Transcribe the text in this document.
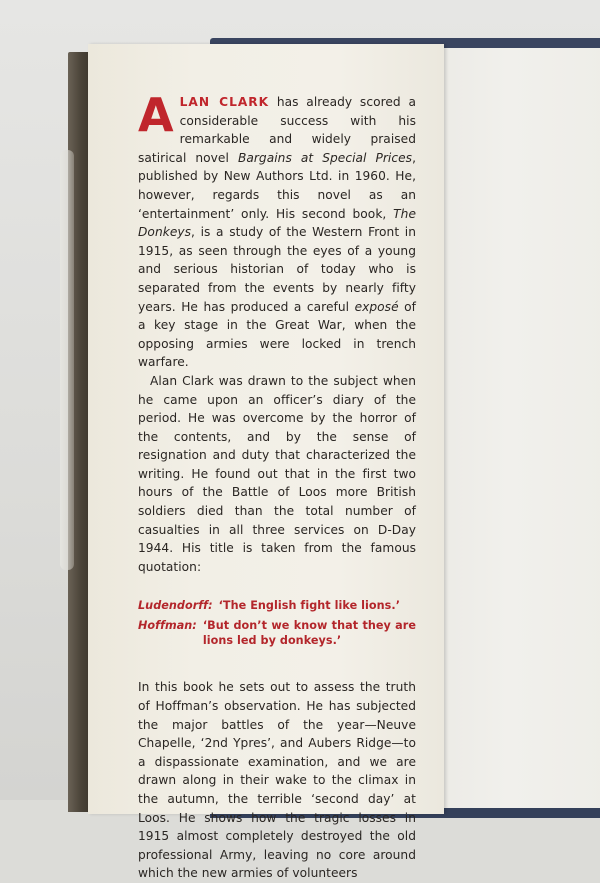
ALAN CLARK has already scored a considerable success with his remarkable and widely praised satirical novel Bargains at Special Prices, published by New Authors Ltd. in 1960. He, however, regards this novel as an ‘entertainment’ only. His second book, The Donkeys, is a study of the Western Front in 1915, as seen through the eyes of a young and serious historian of today who is separated from the events by nearly fifty years. He has produced a careful exposé of a key stage in the Great War, when the opposing armies were locked in trench warfare.

Alan Clark was drawn to the subject when he came upon an officer’s diary of the period. He was overcome by the horror of the contents, and by the sense of resignation and duty that characterized the writing. He found out that in the first two hours of the Battle of Loos more British soldiers died than the total number of casualties in all three services on D-Day 1944. His title is taken from the famous quotation:

Ludendorff: ‘The English fight like lions.’
Hoffman: ‘But don’t we know that they are lions led by donkeys.’

In this book he sets out to assess the truth of Hoffman’s observation. He has subjected the major battles of the year—Neuve Chapelle, ‘2nd Ypres’, and Aubers Ridge—to a dispassionate examination, and we are drawn along in their wake to the climax in the autumn, the terrible ‘second day’ at Loos. He shows how the tragic losses in 1915 almost completely destroyed the old professional Army, leaving no core around which the new armies of volunteers
